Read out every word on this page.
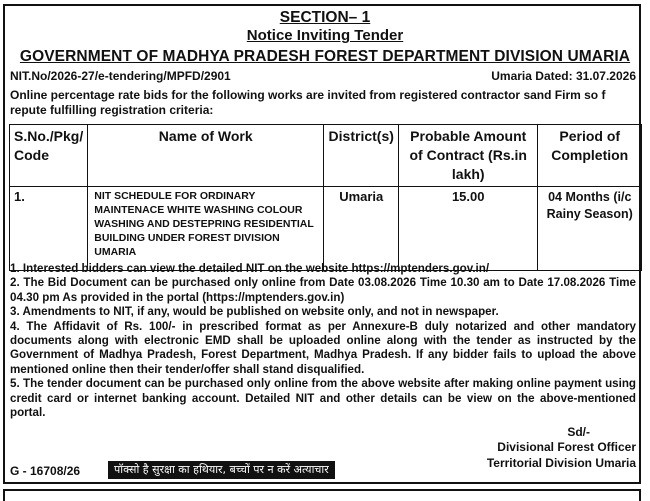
SECTION– 1
Notice Inviting Tender
GOVERNMENT OF MADHYA PRADESH FOREST DEPARTMENT DIVISION UMARIA
NIT.No/2026-27/e-tendering/MPFD/2901	Umaria Dated: 31.07.2026
Online percentage rate bids for the following works are invited from registered contractor sand Firm so f repute fulfilling registration criteria:
S.No./Pkg/ Code	Name of Work	District(s)	Probable Amount of Contract (Rs.in lakh)	Period of Completion
1.	NIT SCHEDULE FOR ORDINARY MAINTENACE WHITE WASHING COLOUR WASHING AND DESTEPRING RESIDENTIAL BUILDING UNDER FOREST DIVISION UMARIA	Umaria	15.00	04 Months (i/c Rainy Season)

1. Interested bidders can view the detailed NIT on the website https://mptenders.gov.in/

2. The Bid Document can be purchased only online from Date 03.08.2026 Time 10.30 am to Date 17.08.2026 Time 04.30 pm As provided in the portal (https://mptenders.gov.in)

3. Amendments to NIT, if any, would be published on website only, and not in newspaper.

4. The Affidavit of Rs. 100/- in prescribed format as per Annexure-B duly notarized and other mandatory documents along with electronic EMD shall be uploaded online along with the tender as instructed by the Government of Madhya Pradesh, Forest Department, Madhya Pradesh. If any bidder fails to upload the above mentioned online then their tender/offer shall stand disqualified.

5. The tender document can be purchased only online from the above website after making online payment using credit card or internet banking account. Detailed NIT and other details can be view on the above-mentioned portal.

Sd/-
Divisional Forest Officer
Territorial Division Umaria
G - 16708/26	पॉक्सो है सुरक्षा का हथियार, बच्चों पर न करें अत्याचार
